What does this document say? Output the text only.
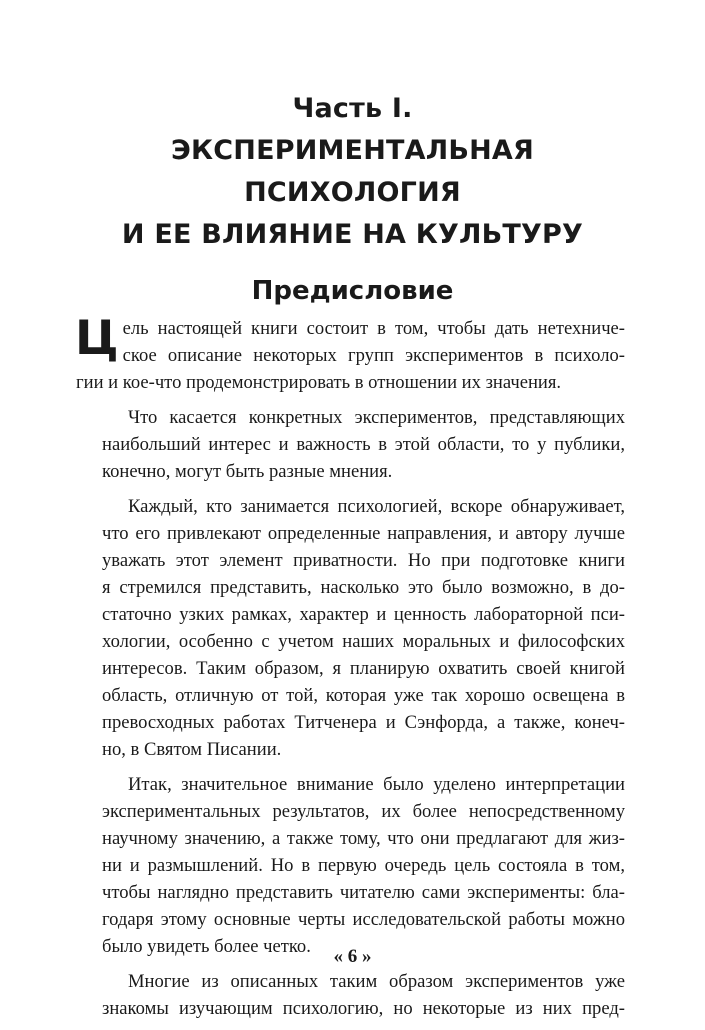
Часть I.
ЭКСПЕРИМЕНТАЛЬНАЯ
ПСИХОЛОГИЯ
И ЕЕ ВЛИЯНИЕ НА КУЛЬТУРУ
Предисловие
Ц ель настоящей книги состоит в том, чтобы дать нетехниче-
ское описание некоторых групп экспериментов в психоло-
гии и кое-что продемонстрировать в отношении их значения.
Что касается конкретных экспериментов, представляющих
наибольший интерес и важность в этой области, то у публики,
конечно, могут быть разные мнения.
Каждый, кто занимается психологией, вскоре обнаруживает,
что его привлекают определенные направления, и автору лучше
уважать этот элемент приватности. Но при подготовке книги
я стремился представить, насколько это было возможно, в до-
статочно узких рамках, характер и ценность лабораторной пси-
хологии, особенно с учетом наших моральных и философских
интересов. Таким образом, я планирую охватить своей книгой
область, отличную от той, которая уже так хорошо освещена в
превосходных работах Титченера и Сэнфорда, а также, конеч-
но, в Святом Писании.
Итак, значительное внимание было уделено интерпретации
экспериментальных результатов, их более непосредственному
научному значению, а также тому, что они предлагают для жиз-
ни и размышлений. Но в первую очередь цель состояла в том,
чтобы наглядно представить читателю сами эксперименты: бла-
годаря этому основные черты исследовательской работы можно
было увидеть более четко.
Многие из описанных таким образом экспериментов уже
знакомы изучающим психологию, но некоторые из них пред-
« 6 »
